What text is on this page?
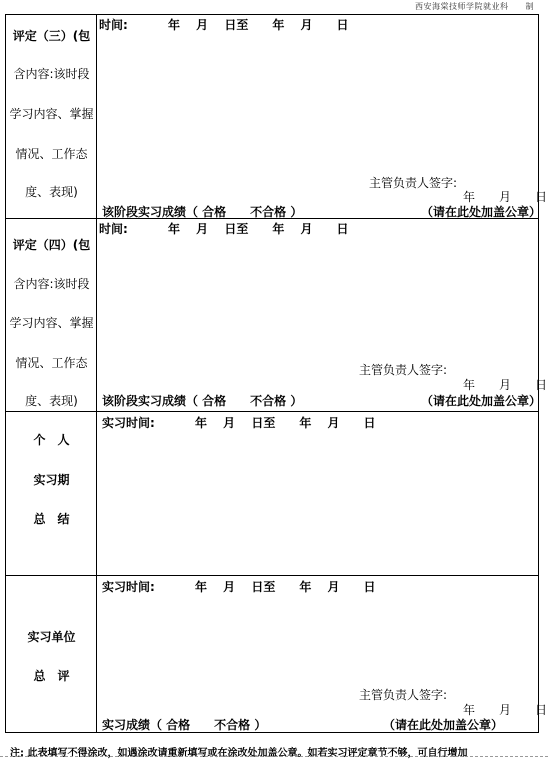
西安海棠技师学院就业科　　制
评定（三）(包
含内容:该时段
学习内容、掌握
情况、工作态
度、表现)
时间:　　　 年　 月　 日至　　年　 月　　日
主管负责人签字:
年　　月　　日
该阶段实习成绩（ 合格　　不合格 ）	（请在此处加盖公章）
评定（四）(包
含内容:该时段
学习内容、掌握
情况、工作态
度、表现)
时间:　　　 年　 月　 日至　　年　 月　　日
主管负责人签字:
年　　月　　日
该阶段实习成绩（ 合格　　不合格 ）	（请在此处加盖公章）
个　人
实习期
总　结
实习时间:　　　 年　 月　 日至　　年　 月　　日
实习单位
总　评
实习时间:　　　 年　 月　 日至　　年　 月　　日
主管负责人签字:
年　　月　　日
实习成绩（ 合格　　不合格 ）	（请在此处加盖公章）
注: 此表填写不得涂改，如遇涂改请重新填写或在涂改处加盖公章。如若实习评定章节不够，可自行增加
